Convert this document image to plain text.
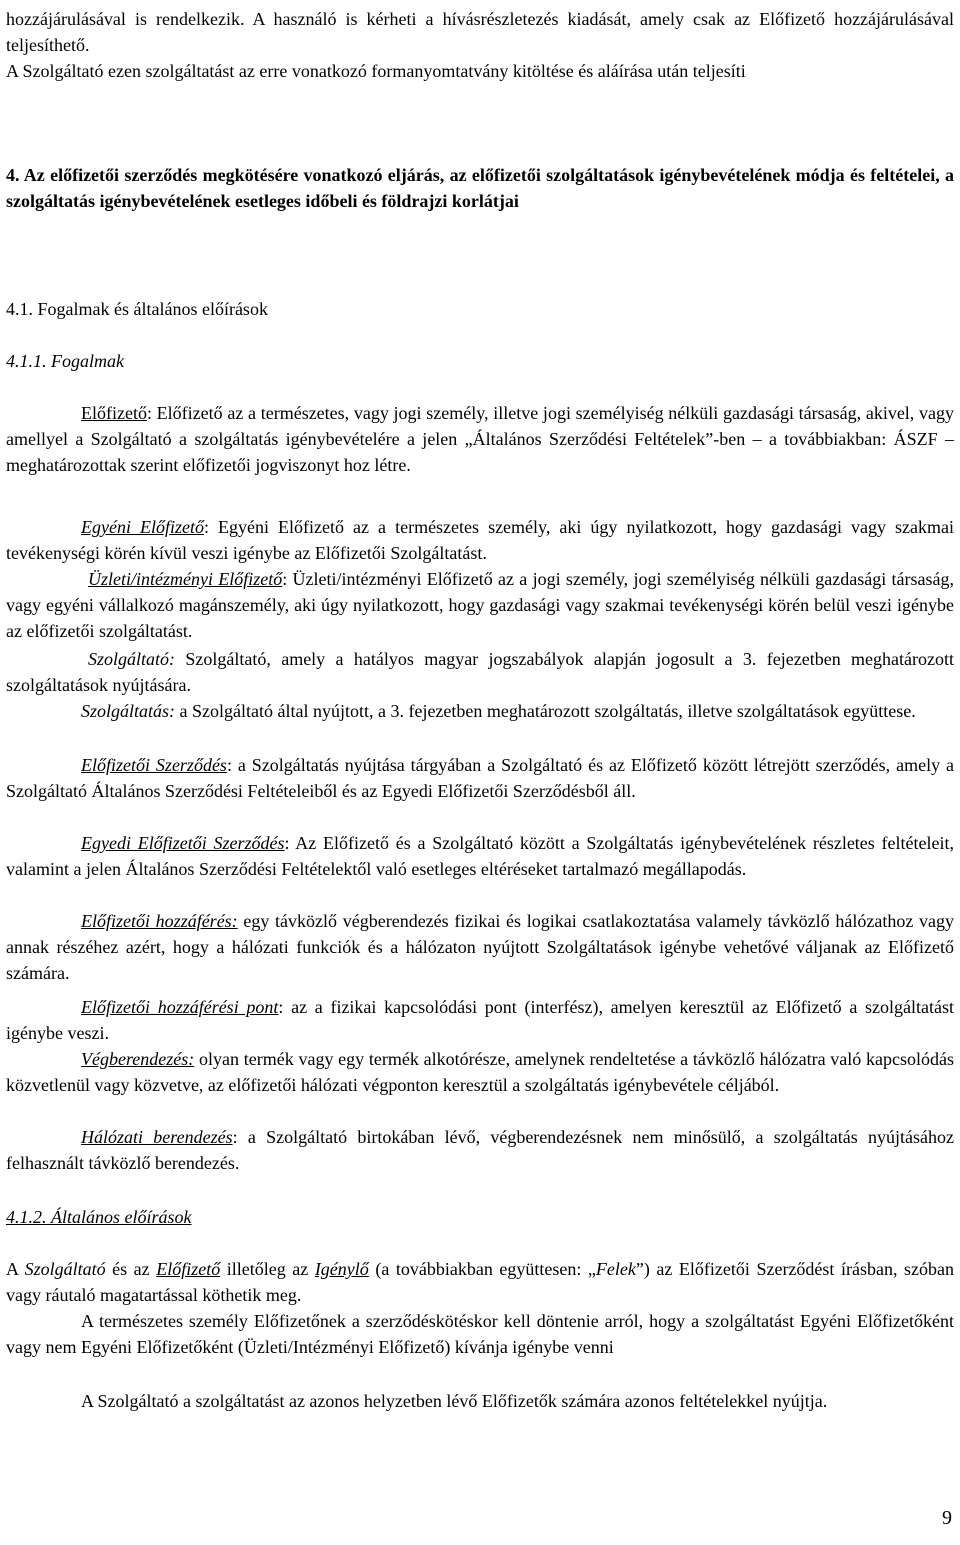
hozzájárulásával is rendelkezik. A használó is kérheti a hívásrészletezés kiadását, amely csak az Előfizető hozzájárulásával teljesíthető.

A Szolgáltató ezen szolgáltatást az erre vonatkozó formanyomtatvány kitöltése és aláírása után teljesíti

4. Az előfizetői szerződés megkötésére vonatkozó eljárás, az előfizetői szolgáltatások igénybevételének módja és feltételei, a szolgáltatás igénybevételének esetleges időbeli és földrajzi korlátjai

4.1. Fogalmak és általános előírások

4.1.1. Fogalmak

Előfizető: Előfizető az a természetes, vagy jogi személy, illetve jogi személyiség nélküli gazdasági társaság, akivel, vagy amellyel a Szolgáltató a szolgáltatás igénybevételére a jelen „Általános Szerződési Feltételek”-ben – a továbbiakban: ÁSZF – meghatározottak szerint előfizetői jogviszonyt hoz létre.

Egyéni Előfizető: Egyéni Előfizető az a természetes személy, aki úgy nyilatkozott, hogy gazdasági vagy szakmai tevékenységi körén kívül veszi igénybe az Előfizetői Szolgáltatást.

Üzleti/intézményi Előfizető: Üzleti/intézményi Előfizető az a jogi személy, jogi személyiség nélküli gazdasági társaság, vagy egyéni vállalkozó magánszemély, aki úgy nyilatkozott, hogy gazdasági vagy szakmai tevékenységi körén belül veszi igénybe az előfizetői szolgáltatást.

Szolgáltató: Szolgáltató, amely a hatályos magyar jogszabályok alapján jogosult a 3. fejezetben meghatározott szolgáltatások nyújtására.

Szolgáltatás: a Szolgáltató által nyújtott, a 3. fejezetben meghatározott szolgáltatás, illetve szolgáltatások együttese.

Előfizetői Szerződés: a Szolgáltatás nyújtása tárgyában a Szolgáltató és az Előfizető között létrejött szerződés, amely a Szolgáltató Általános Szerződési Feltételeiből és az Egyedi Előfizetői Szerződésből áll.

Egyedi Előfizetői Szerződés: Az Előfizető és a Szolgáltató között a Szolgáltatás igénybevételének részletes feltételeit, valamint a jelen Általános Szerződési Feltételektől való esetleges eltéréseket tartalmazó megállapodás.

Előfizetői hozzáférés: egy távközlő végberendezés fizikai és logikai csatlakoztatása valamely távközlő hálózathoz vagy annak részéhez azért, hogy a hálózati funkciók és a hálózaton nyújtott Szolgáltatások igénybe vehetővé váljanak az Előfizető számára.

Előfizetői hozzáférési pont: az a fizikai kapcsolódási pont (interfész), amelyen keresztül az Előfizető a szolgáltatást igénybe veszi.

Végberendezés: olyan termék vagy egy termék alkotórésze, amelynek rendeltetése a távközlő hálózatra való kapcsolódás közvetlenül vagy közvetve, az előfizetői hálózati végponton keresztül a szolgáltatás igénybevétele céljából.

Hálózati berendezés: a Szolgáltató birtokában lévő, végberendezésnek nem minősülő, a szolgáltatás nyújtásához felhasznált távközlő berendezés.

4.1.2. Általános előírások

A Szolgáltató és az Előfizető illetőleg az Igénylő (a továbbiakban együttesen: „Felek”) az Előfizetői Szerződést írásban, szóban vagy ráutaló magatartással köthetik meg.

A természetes személy Előfizetőnek a szerződéskötéskor kell döntenie arról, hogy a szolgáltatást Egyéni Előfizetőként vagy nem Egyéni Előfizetőként (Üzleti/Intézményi Előfizető) kívánja igénybe venni

A Szolgáltató a szolgáltatást az azonos helyzetben lévő Előfizetők számára azonos feltételekkel nyújtja.

9
